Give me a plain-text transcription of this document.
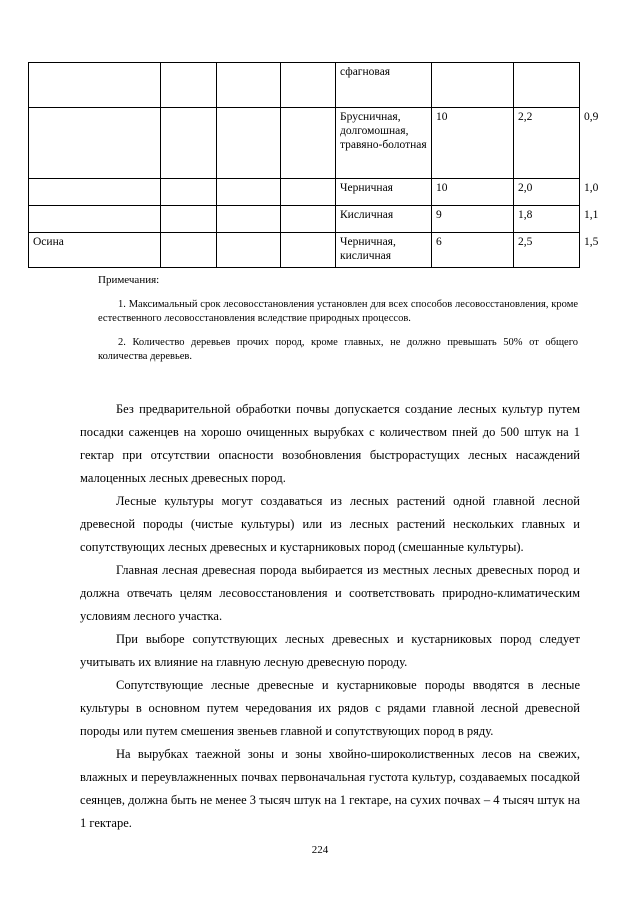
				сфагновая			
				Брусничная, долгомошная, травяно-болотная	10	2,2	0,9
				Черничная	10	2,0	1,0
				Кисличная	9	1,8	1,1
Осина				Черничная, кисличная	6	2,5	1,5
Примечания:
1. Максимальный срок лесовосстановления установлен для всех способов лесовосстановления, кроме естественного лесовосстановления вследствие природных процессов.
2. Количество деревьев прочих пород, кроме главных, не должно превышать 50% от общего количества деревьев.

Без предварительной обработки почвы допускается создание лесных культур путем посадки саженцев на хорошо очищенных вырубках с количеством пней до 500 штук на 1 гектар при отсутствии опасности возобновления быстрорастущих лесных насаждений малоценных лесных древесных пород.

Лесные культуры могут создаваться из лесных растений одной главной лесной древесной породы (чистые культуры) или из лесных растений нескольких главных и сопутствующих лесных древесных и кустарниковых пород (смешанные культуры).

Главная лесная древесная порода выбирается из местных лесных древесных пород и должна отвечать целям лесовосстановления и соответствовать природно-климатическим условиям лесного участка.

При выборе сопутствующих лесных древесных и кустарниковых пород следует учитывать их влияние на главную лесную древесную породу.

Сопутствующие лесные древесные и кустарниковые породы вводятся в лесные культуры в основном путем чередования их рядов с рядами главной лесной древесной породы или путем смешения звеньев главной и сопутствующих пород в ряду.

На вырубках таежной зоны и зоны хвойно-широколиственных лесов на свежих, влажных и переувлажненных почвах первоначальная густота культур, создаваемых посадкой сеянцев, должна быть не менее 3 тысяч штук на 1 гектаре, на сухих почвах – 4 тысяч штук на 1 гектаре.

224
